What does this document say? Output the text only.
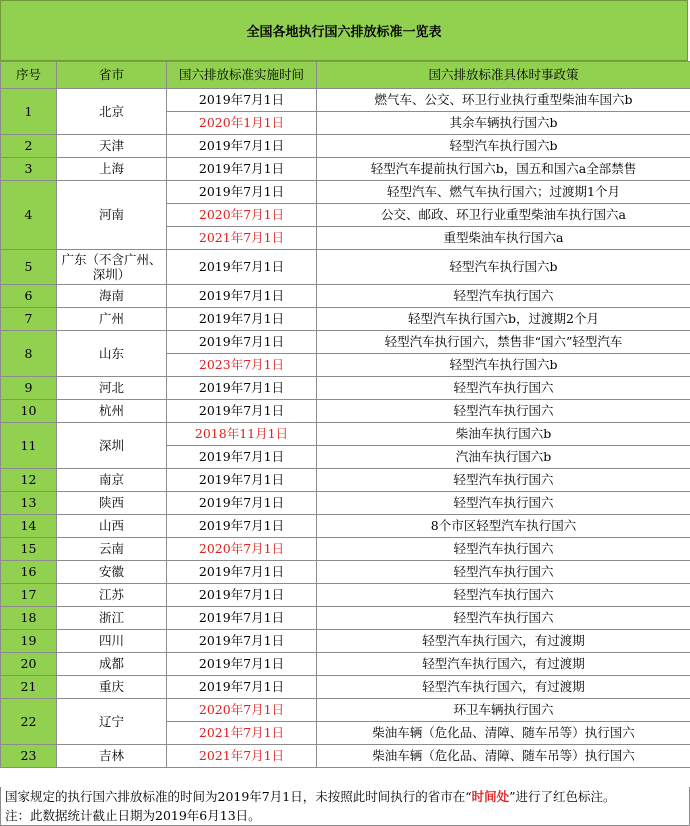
全国各地执行国六排放标准一览表
序号	省市	国六排放标准实施时间	国六排放标准具体时事政策
1	北京	2019年7月1日	燃气车、公交、环卫行业执行重型柴油车国六b
		2020年1月1日	其余车辆执行国六b
2	天津	2019年7月1日	轻型汽车执行国六b
3	上海	2019年7月1日	轻型汽车提前执行国六b，国五和国六a全部禁售
4	河南	2019年7月1日	轻型汽车、燃气车执行国六；过渡期1个月
		2020年7月1日	公交、邮政、环卫行业重型柴油车执行国六a
		2021年7月1日	重型柴油车执行国六a
5	广东（不含广州、深圳）	2019年7月1日	轻型汽车执行国六b
6	海南	2019年7月1日	轻型汽车执行国六
7	广州	2019年7月1日	轻型汽车执行国六b，过渡期2个月
8	山东	2019年7月1日	轻型汽车执行国六，禁售非“国六”轻型汽车
		2023年7月1日	轻型汽车执行国六b
9	河北	2019年7月1日	轻型汽车执行国六
10	杭州	2019年7月1日	轻型汽车执行国六
11	深圳	2018年11月1日	柴油车执行国六b
		2019年7月1日	汽油车执行国六b
12	南京	2019年7月1日	轻型汽车执行国六
13	陕西	2019年7月1日	轻型汽车执行国六
14	山西	2019年7月1日	8个市区轻型汽车执行国六
15	云南	2020年7月1日	轻型汽车执行国六
16	安徽	2019年7月1日	轻型汽车执行国六
17	江苏	2019年7月1日	轻型汽车执行国六
18	浙江	2019年7月1日	轻型汽车执行国六
19	四川	2019年7月1日	轻型汽车执行国六，有过渡期
20	成都	2019年7月1日	轻型汽车执行国六，有过渡期
21	重庆	2019年7月1日	轻型汽车执行国六，有过渡期
22	辽宁	2020年7月1日	环卫车辆执行国六
		2021年7月1日	柴油车辆（危化品、清障、随车吊等）执行国六
23	吉林	2021年7月1日	柴油车辆（危化品、清障、随车吊等）执行国六
国家规定的执行国六排放标准的时间为2019年7月1日，未按照此时间执行的省市在“时间处”进行了红色标注。
注：此数据统计截止日期为2019年6月13日。
